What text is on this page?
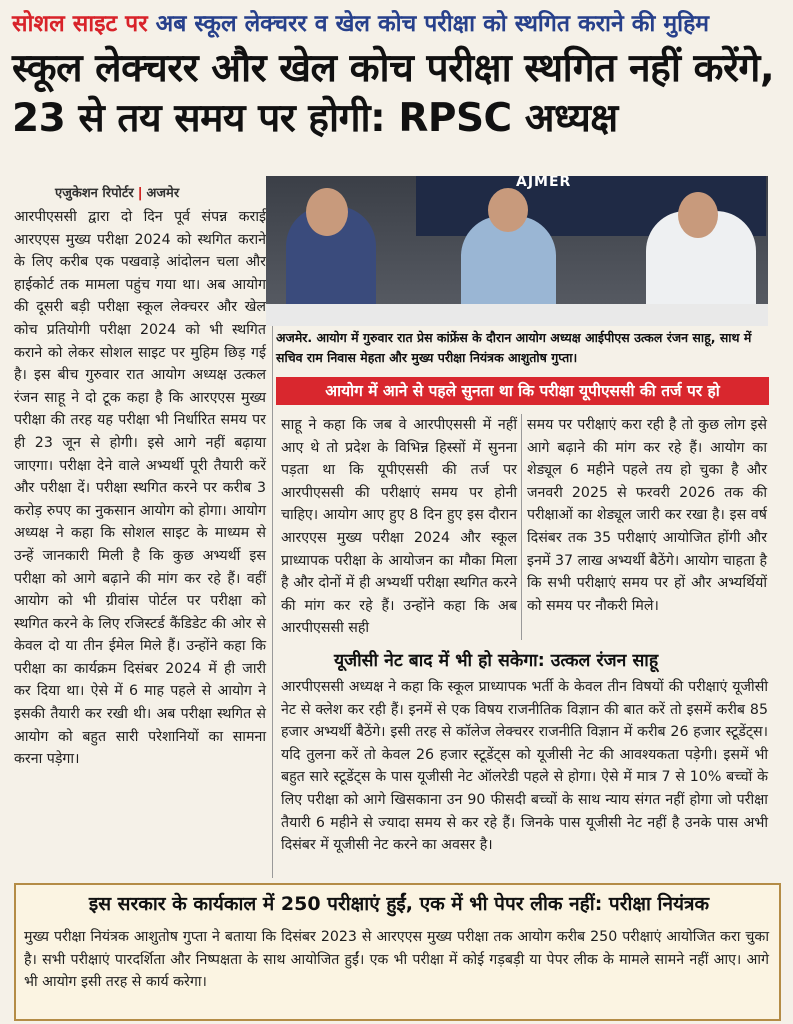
सोशल साइट पर अब स्कूल लेक्चरर व खेल कोच परीक्षा को स्थगित कराने की मुहिम
स्कूल लेक्चरर और खेल कोच परीक्षा स्थगित नहीं करेंगे, 23 से तय समय पर होगी: RPSC अध्यक्ष
एजुकेशन रिपोर्टर | अजमेर
आरपीएससी द्वारा दो दिन पूर्व संपन्न कराई आरएएस मुख्य परीक्षा 2024 को स्थगित कराने के लिए करीब एक पखवाड़े आंदोलन चला और हाईकोर्ट तक मामला पहुंच गया था। अब आयोग की दूसरी बड़ी परीक्षा स्कूल लेक्चरर और खेल कोच प्रतियोगी परीक्षा 2024 को भी स्थगित कराने को लेकर सोशल साइट पर मुहिम छिड़ गई है। इस बीच गुरुवार रात आयोग अध्यक्ष उत्कल रंजन साहू ने दो टूक कहा है कि आरएएस मुख्य परीक्षा की तरह यह परीक्षा भी निर्धारित समय पर ही 23 जून से होगी। इसे आगे नहीं बढ़ाया जाएगा। परीक्षा देने वाले अभ्यर्थी पूरी तैयारी करें और परीक्षा दें। परीक्षा स्थगित करने पर करीब 3 करोड़ रुपए का नुकसान आयोग को होगा। आयोग अध्यक्ष ने कहा कि सोशल साइट के माध्यम से उन्हें जानकारी मिली है कि कुछ अभ्यर्थी इस परीक्षा को आगे बढ़ाने की मांग कर रहे हैं। वहीं आयोग को भी ग्रीवांस पोर्टल पर परीक्षा को स्थगित करने के लिए रजिस्टर्ड कैंडिडेट की ओर से केवल दो या तीन ईमेल मिले हैं। उन्होंने कहा कि परीक्षा का कार्यक्रम दिसंबर 2024 में ही जारी कर दिया था। ऐसे में 6 माह पहले से आयोग ने इसकी तैयारी कर रखी थी। अब परीक्षा स्थगित से आयोग को बहुत सारी परेशानियों का सामना करना पड़ेगा।
AJMER
अजमेर. आयोग में गुरुवार रात प्रेस कांफ्रेंस के दौरान आयोग अध्यक्ष आईपीएस उत्कल रंजन साहू, साथ में सचिव राम निवास मेहता और मुख्य परीक्षा नियंत्रक आशुतोष गुप्ता।
आयोग में आने से पहले सुनता था कि परीक्षा यूपीएससी की तर्ज पर हो
साहू ने कहा कि जब वे आरपीएससी में नहीं आए थे तो प्रदेश के विभिन्न हिस्सों में सुनना पड़ता था कि यूपीएससी की तर्ज पर आरपीएससी की परीक्षाएं समय पर होनी चाहिए। आयोग आए हुए 8 दिन हुए इस दौरान आरएएस मुख्य परीक्षा 2024 और स्कूल प्राध्यापक परीक्षा के आयोजन का मौका मिला है और दोनों में ही अभ्यर्थी परीक्षा स्थगित करने की मांग कर रहे हैं। उन्होंने कहा कि अब आरपीएससी सही
समय पर परीक्षाएं करा रही है तो कुछ लोग इसे आगे बढ़ाने की मांग कर रहे हैं। आयोग का शेड्यूल 6 महीने पहले तय हो चुका है और जनवरी 2025 से फरवरी 2026 तक की परीक्षाओं का शेड्यूल जारी कर रखा है। इस वर्ष दिसंबर तक 35 परीक्षाएं आयोजित होंगी और इनमें 37 लाख अभ्यर्थी बैठेंगे। आयोग चाहता है कि सभी परीक्षाएं समय पर हों और अभ्यर्थियों को समय पर नौकरी मिले।
यूजीसी नेट बाद में भी हो सकेगा: उत्कल रंजन साहू
आरपीएससी अध्यक्ष ने कहा कि स्कूल प्राध्यापक भर्ती के केवल तीन विषयों की परीक्षाएं यूजीसी नेट से क्लेश कर रही हैं। इनमें से एक विषय राजनीतिक विज्ञान की बात करें तो इसमें करीब 85 हजार अभ्यर्थी बैठेंगे। इसी तरह से कॉलेज लेक्चरर राजनीति विज्ञान में करीब 26 हजार स्टूडेंट्स। यदि तुलना करें तो केवल 26 हजार स्टूडेंट्स को यूजीसी नेट की आवश्यकता पड़ेगी। इसमें भी बहुत सारे स्टूडेंट्स के पास यूजीसी नेट ऑलरेडी पहले से होगा। ऐसे में मात्र 7 से 10% बच्चों के लिए परीक्षा को आगे खिसकाना उन 90 फीसदी बच्चों के साथ न्याय संगत नहीं होगा जो परीक्षा तैयारी 6 महीने से ज्यादा समय से कर रहे हैं। जिनके पास यूजीसी नेट नहीं है उनके पास अभी दिसंबर में यूजीसी नेट करने का अवसर है।
इस सरकार के कार्यकाल में 250 परीक्षाएं हुईं, एक में भी पेपर लीक नहीं: परीक्षा नियंत्रक
मुख्य परीक्षा नियंत्रक आशुतोष गुप्ता ने बताया कि दिसंबर 2023 से आरएएस मुख्य परीक्षा तक आयोग करीब 250 परीक्षाएं आयोजित करा चुका है। सभी परीक्षाएं पारदर्शिता और निष्पक्षता के साथ आयोजित हुईं। एक भी परीक्षा में कोई गड़बड़ी या पेपर लीक के मामले सामने नहीं आए। आगे भी आयोग इसी तरह से कार्य करेगा।
